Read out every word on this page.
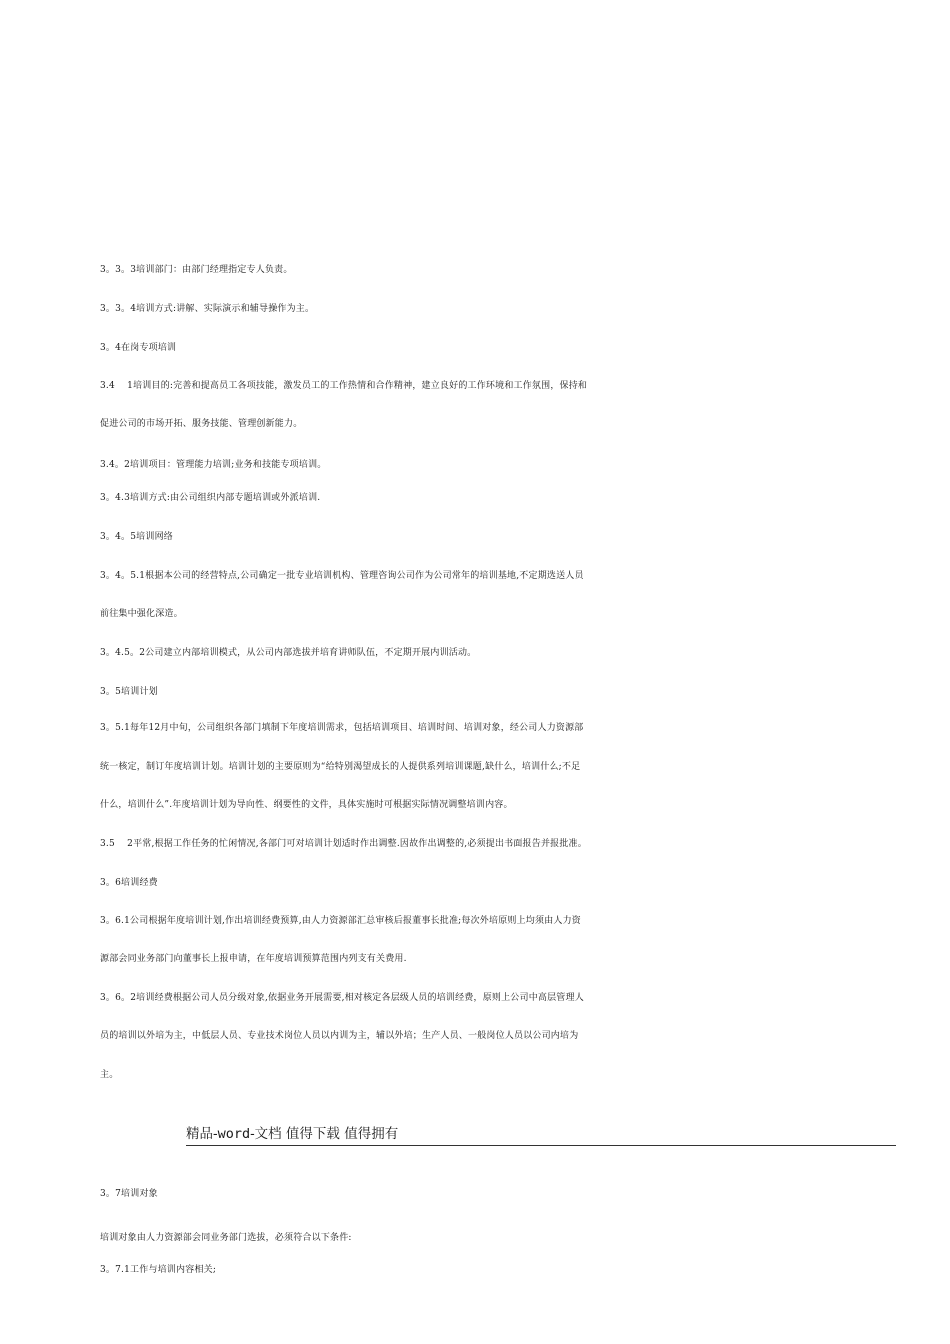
3。3。3培训部门：由部门经理指定专人负责。
3。3。4培训方式:讲解、实际演示和辅导操作为主。
3。4在岗专项培训
3.4　 1培训目的:完善和提高员工各项技能，激发员工的工作热情和合作精神，建立良好的工作环境和工作氛围，保持和
促进公司的市场开拓、服务技能、管理创新能力。
3.4。2培训项目：管理能力培训;业务和技能专项培训。
3。4.3培训方式:由公司组织内部专题培训或外派培训.
3。4。5培训网络
3。4。5.1根据本公司的经营特点,公司确定一批专业培训机构、管理咨询公司作为公司常年的培训基地,不定期选送人员
前往集中强化深造。
3。4.5。2公司建立内部培训模式，从公司内部选拔并培育讲师队伍，不定期开展内训活动。
3。5培训计划
3。5.1每年12月中旬，公司组织各部门填制下年度培训需求，包括培训项目、培训时间、培训对象，经公司人力资源部
统一核定，制订年度培训计划。培训计划的主要原则为“给特别渴望成长的人提供系列培训课题,缺什么，培训什么;不足
什么，培训什么”.年度培训计划为导向性、纲要性的文件，具体实施时可根据实际情况调整培训内容。
3.5　 2平常,根据工作任务的忙闲情况,各部门可对培训计划适时作出调整.因故作出调整的,必须提出书面报告并报批准。
3。6培训经费
3。6.1公司根据年度培训计划,作出培训经费预算,由人力资源部汇总审核后报董事长批准;每次外培原则上均须由人力资
源部会同业务部门向董事长上报申请，在年度培训预算范围内列支有关费用.
3。6。2培训经费根据公司人员分级对象,依据业务开展需要,相对核定各层级人员的培训经费，原则上公司中高层管理人
员的培训以外培为主，中低层人员、专业技术岗位人员以内训为主，辅以外培；生产人员、一般岗位人员以公司内培为
主。
精品-word-文档 值得下载 值得拥有
3。7培训对象
培训对象由人力资源部会同业务部门选拔，必须符合以下条件:
3。7.1工作与培训内容相关;
